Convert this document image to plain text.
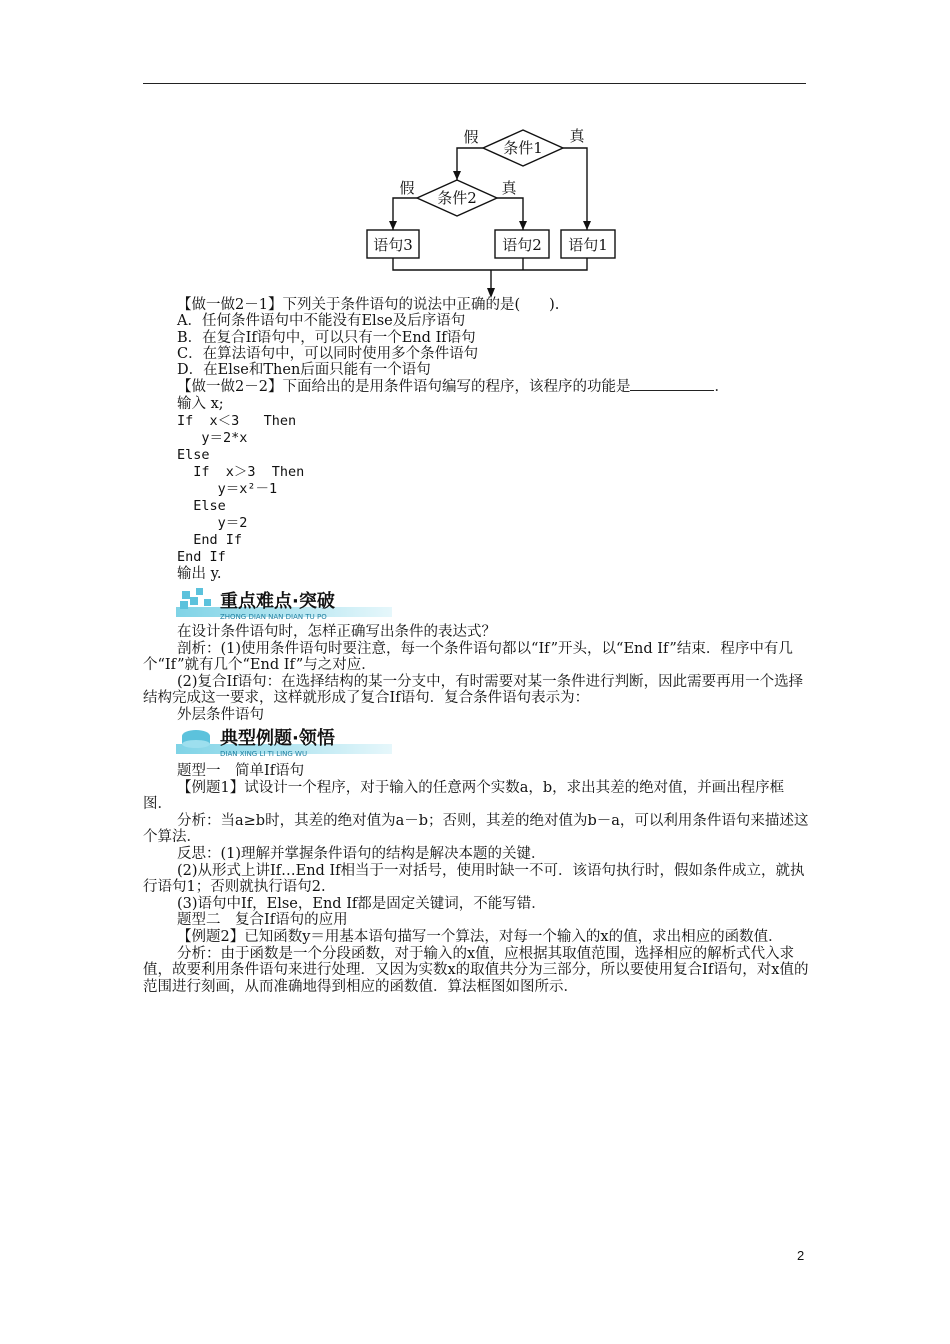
条件1
条件2
假	真
假	真
语句3	语句2 语句1
【做一做2－1】下列关于条件语句的说法中正确的是(　　).
A．任何条件语句中不能没有Else及后序语句
B．在复合If语句中，可以只有一个End If语句
C．在算法语句中，可以同时使用多个条件语句
D．在Else和Then后面只能有一个语句
【做一做2－2】下面给出的是用条件语句编写的程序，该程序的功能是	．
输入 x;
If  x＜3   Then
y＝2*x
Else
If  x＞3  Then
y＝x²－1
Else
y＝2
End If
End If
输出 y.
重点难点·突破
ZHONG DIAN NAN DIAN TU PO

在设计条件语句时，怎样正确写出条件的表达式？

剖析：(1)使用条件语句时要注意，每一个条件语句都以“If”开头，以“End If”结束．程序中有几个“If”就有几个“End If”与之对应．

(2)复合If语句：在选择结构的某一分支中，有时需要对某一条件进行判断，因此需要再用一个选择结构完成这一要求，这样就形成了复合If语句．复合条件语句表示为：

外层条件语句

典型例题·领悟
DIAN XING LI TI LING WU

题型一　简单If语句

【例题1】试设计一个程序，对于输入的任意两个实数a，b，求出其差的绝对值，并画出程序框图．

分析：当a≥b时，其差的绝对值为a－b；否则，其差的绝对值为b－a，可以利用条件语句来描述这个算法．

反思：(1)理解并掌握条件语句的结构是解决本题的关键．

(2)从形式上讲If…End If相当于一对括号，使用时缺一不可．该语句执行时，假如条件成立，就执行语句1；否则就执行语句2.

(3)语句中If，Else，End If都是固定关键词，不能写错．

题型二　复合If语句的应用

【例题2】已知函数y＝用基本语句描写一个算法，对每一个输入的x的值，求出相应的函数值．

分析：由于函数是一个分段函数，对于输入的x值，应根据其取值范围，选择相应的解析式代入求值，故要利用条件语句来进行处理．又因为实数x的取值共分为三部分，所以要使用复合If语句，对x值的范围进行刻画，从而准确地得到相应的函数值．算法框图如图所示．

2
